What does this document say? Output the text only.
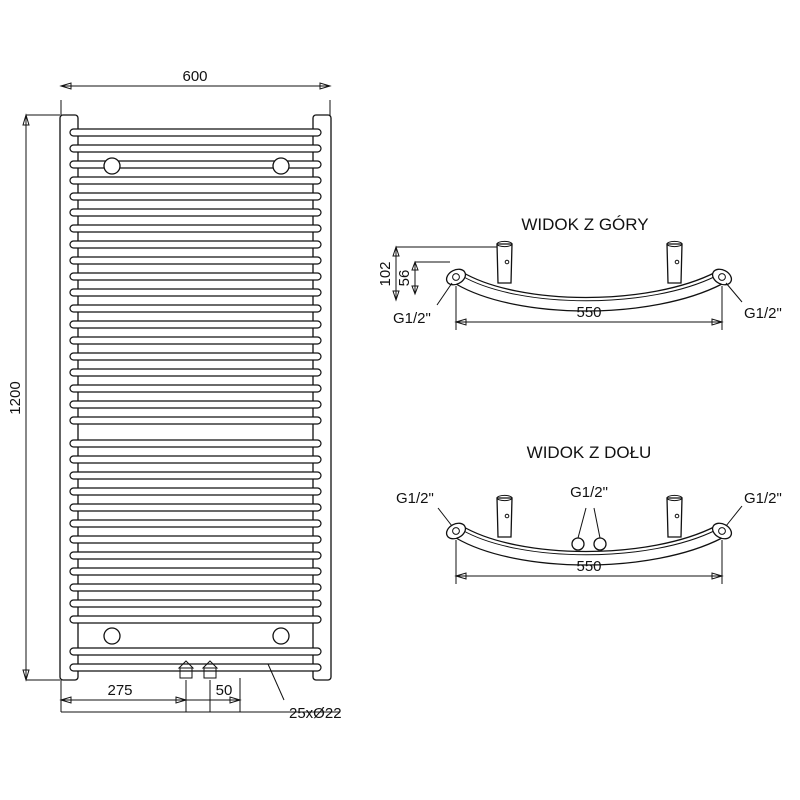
600
1200
275	50
25xØ22
WIDOK Z GÓRY
102 56
G1/2"	G1/2"
550
WIDOK Z DOŁU
G1/2"	G1/2"	G1/2"
550
